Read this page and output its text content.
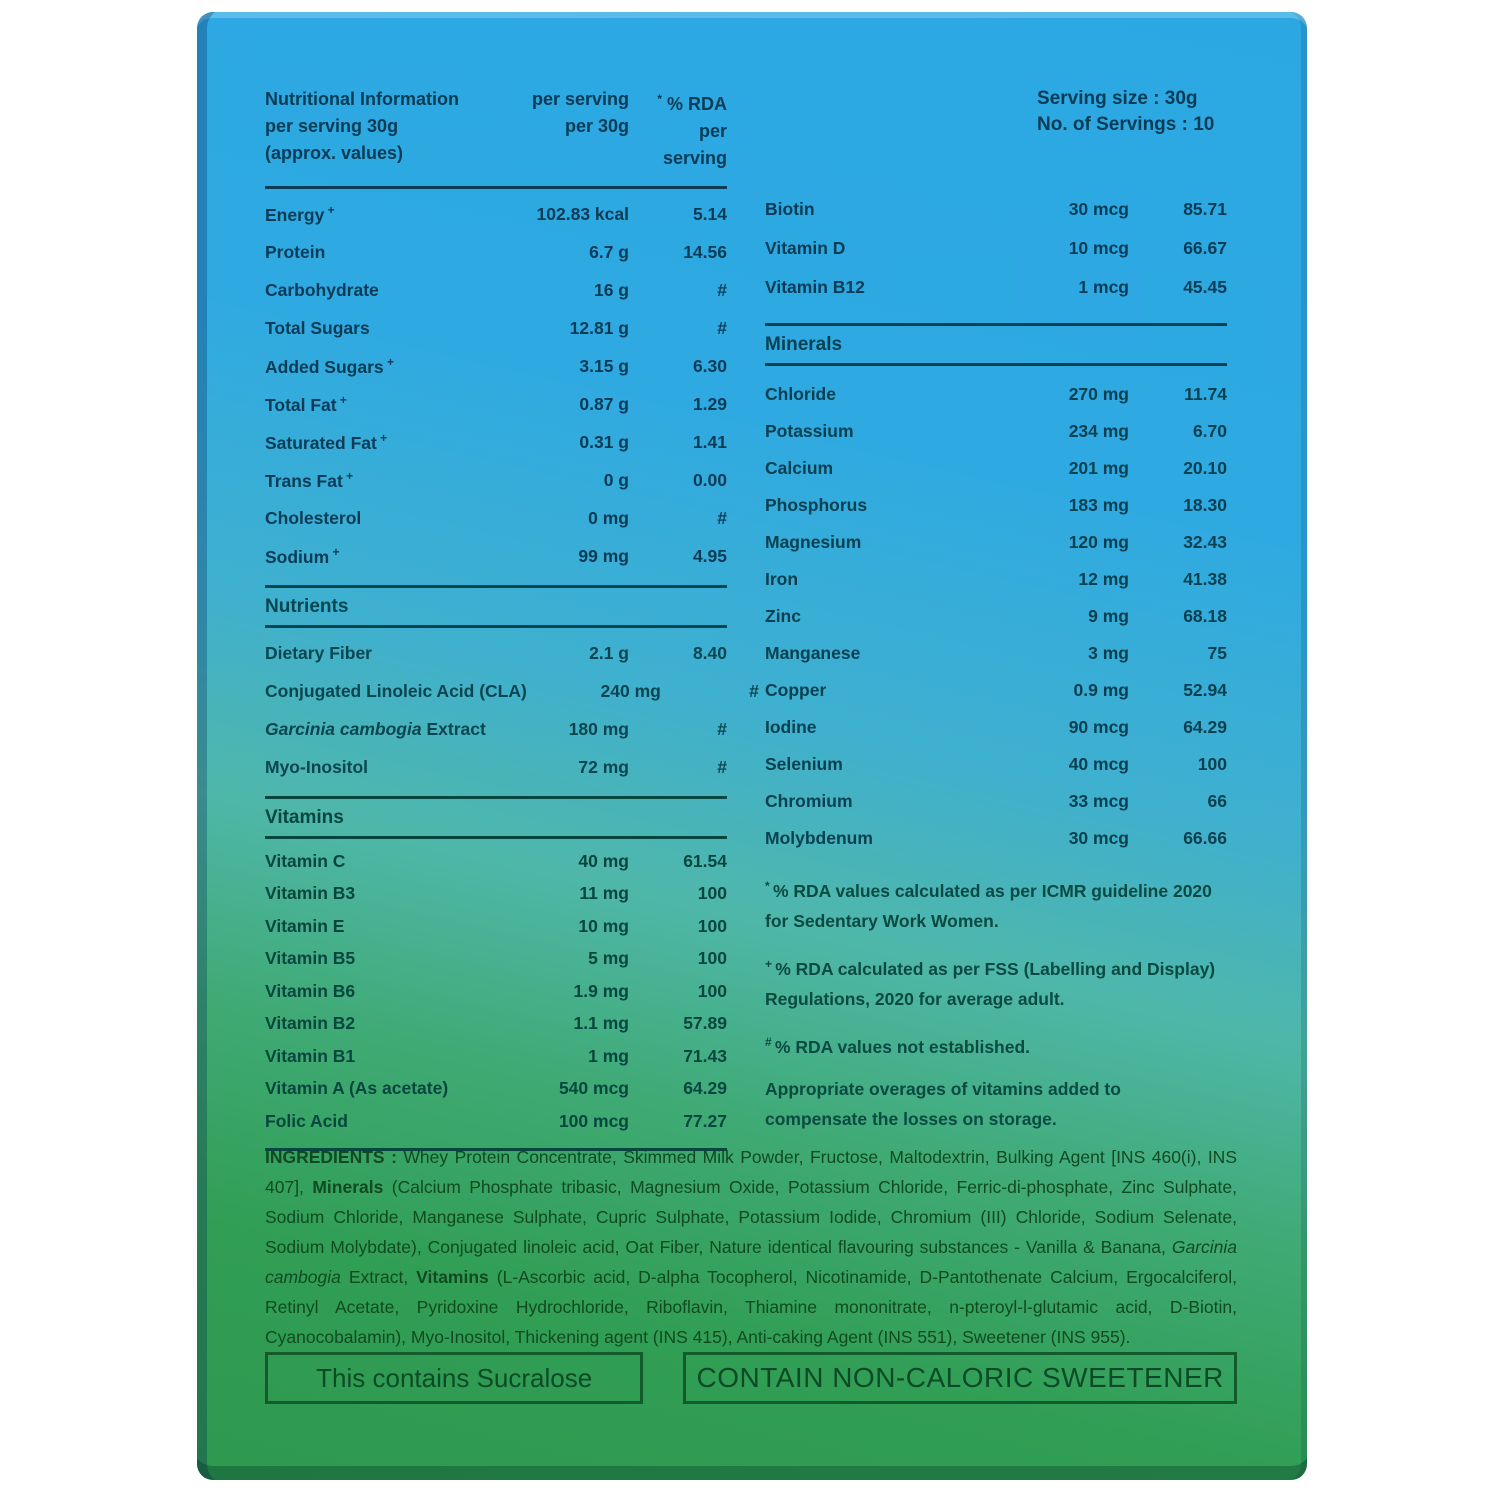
Nutritional Information
per serving 30g
(approx. values)
per serving
per 30g
* % RDA
per
serving
Energy +	102.83 kcal	5.14
Protein	6.7 g	14.56
Carbohydrate	16 g	#
Total Sugars	12.81 g	#
Added Sugars +	3.15 g	6.30
Total Fat +	0.87 g	1.29
Saturated Fat +	0.31 g	1.41
Trans Fat +	0 g	0.00
Cholesterol	0 mg	#
Sodium +	99 mg	4.95
Nutrients
Dietary Fiber	2.1 g	8.40
Conjugated Linoleic Acid (CLA)	240 mg	#
Garcinia cambogia Extract	180 mg	#
Myo-Inositol	72 mg	#
Vitamins
Vitamin C	40 mg	61.54
Vitamin B3	11 mg	100
Vitamin E	10 mg	100
Vitamin B5	5 mg	100
Vitamin B6	1.9 mg	100
Vitamin B2	1.1 mg	57.89
Vitamin B1	1 mg	71.43
Vitamin A (As acetate)	540 mcg	64.29
Folic Acid	100 mcg	77.27
Serving size : 30g
No. of Servings : 10
Biotin	30 mcg	85.71
Vitamin D	10 mcg	66.67
Vitamin B12	1 mcg	45.45
Minerals
Chloride	270 mg	11.74
Potassium	234 mg	6.70
Calcium	201 mg	20.10
Phosphorus	183 mg	18.30
Magnesium	120 mg	32.43
Iron	12 mg	41.38
Zinc	9 mg	68.18
Manganese	3 mg	75
Copper	0.9 mg	52.94
Iodine	90 mcg	64.29
Selenium	40 mcg	100
Chromium	33 mcg	66
Molybdenum	30 mcg	66.66

* % RDA values calculated as per ICMR guideline 2020 for Sedentary Work Women.

+ % RDA calculated as per FSS (Labelling and Display) Regulations, 2020 for average adult.

# % RDA values not established.

Appropriate overages of vitamins added to compensate the losses on storage.

INGREDIENTS : Whey Protein Concentrate, Skimmed Milk Powder, Fructose, Maltodextrin, Bulking Agent [INS 460(i), INS 407], Minerals (Calcium Phosphate tribasic, Magnesium Oxide, Potassium Chloride, Ferric-di-phosphate, Zinc Sulphate, Sodium Chloride, Manganese Sulphate, Cupric Sulphate, Potassium Iodide, Chromium (III) Chloride, Sodium Selenate, Sodium Molybdate), Conjugated linoleic acid, Oat Fiber, Nature identical flavouring substances - Vanilla & Banana, Garcinia cambogia Extract, Vitamins (L-Ascorbic acid, D-alpha Tocopherol, Nicotinamide, D-Pantothenate Calcium, Ergocalciferol, Retinyl Acetate, Pyridoxine Hydrochloride, Riboflavin, Thiamine mononitrate, n-pteroyl-l-glutamic acid, D-Biotin, Cyanocobalamin), Myo-Inositol, Thickening agent (INS 415), Anti-caking Agent (INS 551), Sweetener (INS 955).
This contains Sucralose	CONTAIN NON-CALORIC SWEETENER
